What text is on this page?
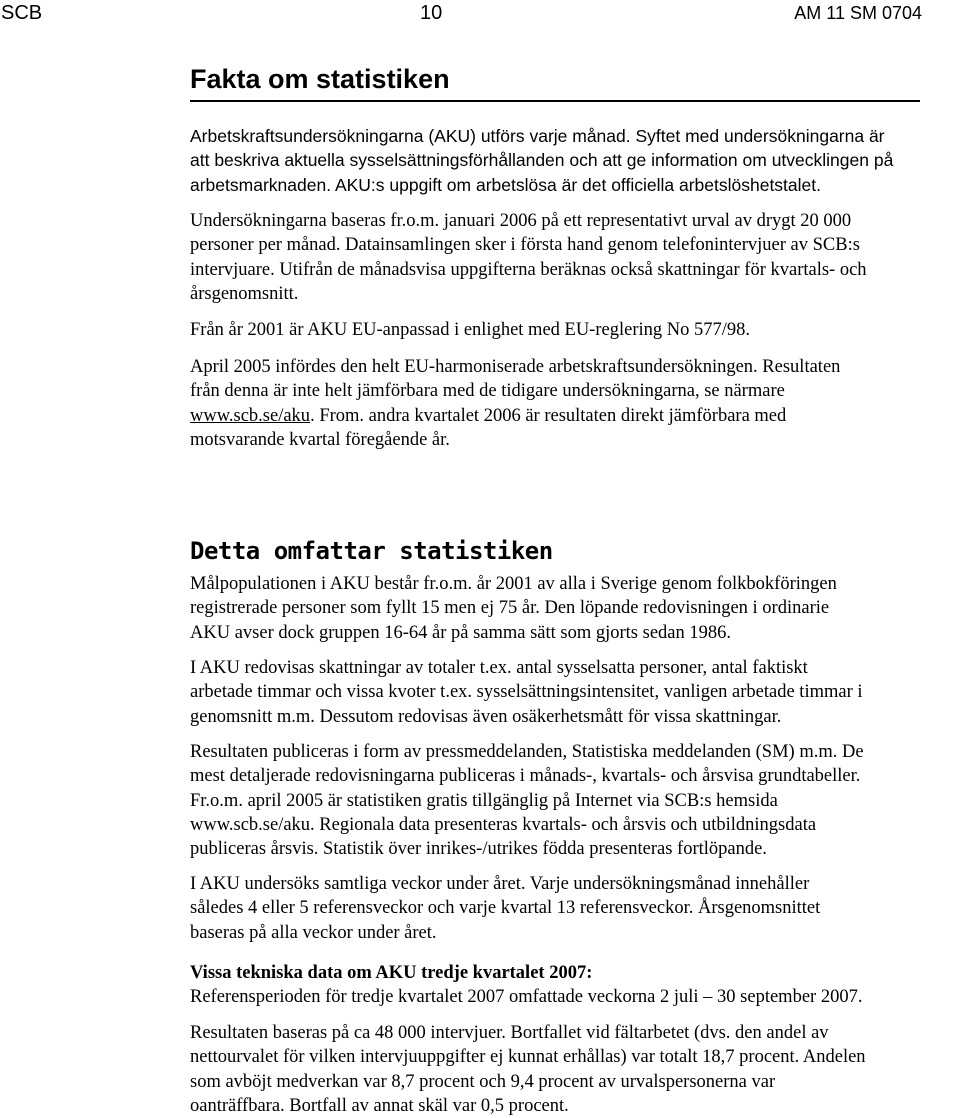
SCB	10	AM 11 SM 0704
Fakta om statistiken
Arbetskraftsundersökningarna (AKU) utförs varje månad. Syftet med undersökningarna är
att beskriva aktuella sysselsättningsförhållanden och att ge information om utvecklingen på
arbetsmarknaden. AKU:s uppgift om arbetslösa är det officiella arbetslöshetstalet.
Undersökningarna baseras fr.o.m. januari 2006 på ett representativt urval av drygt 20 000
personer per månad. Datainsamlingen sker i första hand genom telefonintervjuer av SCB:s
intervjuare. Utifrån de månadsvisa uppgifterna beräknas också skattningar för kvartals- och
årsgenomsnitt.
Från år 2001 är AKU EU-anpassad i enlighet med EU-reglering No 577/98.
April 2005 infördes den helt EU-harmoniserade arbetskraftsundersökningen. Resultaten
från denna är inte helt jämförbara med de tidigare undersökningarna, se närmare
www.scb.se/aku. From. andra kvartalet 2006 är resultaten direkt jämförbara med
motsvarande kvartal föregående år.
Detta omfattar statistiken
Målpopulationen i AKU består fr.o.m. år 2001 av alla i Sverige genom folkbokföringen
registrerade personer som fyllt 15 men ej 75 år. Den löpande redovisningen i ordinarie
AKU avser dock gruppen 16-64 år på samma sätt som gjorts sedan 1986.
I AKU redovisas skattningar av totaler t.ex. antal sysselsatta personer, antal faktiskt
arbetade timmar och vissa kvoter t.ex. sysselsättningsintensitet, vanligen arbetade timmar i
genomsnitt m.m. Dessutom redovisas även osäkerhetsmått för vissa skattningar.
Resultaten publiceras i form av pressmeddelanden, Statistiska meddelanden (SM) m.m. De
mest detaljerade redovisningarna publiceras i månads-, kvartals- och årsvisa grundtabeller.
Fr.o.m. april 2005 är statistiken gratis tillgänglig på Internet via SCB:s hemsida
www.scb.se/aku. Regionala data presenteras kvartals- och årsvis och utbildningsdata
publiceras årsvis. Statistik över inrikes-/utrikes födda presenteras fortlöpande.
I AKU undersöks samtliga veckor under året. Varje undersökningsmånad innehåller
således 4 eller 5 referensveckor och varje kvartal 13 referensveckor. Årsgenomsnittet
baseras på alla veckor under året.
Vissa tekniska data om AKU tredje kvartalet 2007:
Referensperioden för tredje kvartalet 2007 omfattade veckorna 2 juli – 30 september 2007.
Resultaten baseras på ca 48 000 intervjuer. Bortfallet vid fältarbetet (dvs. den andel av
nettourvalet för vilken intervjuuppgifter ej kunnat erhållas) var totalt 18,7 procent. Andelen
som avböjt medverkan var 8,7 procent och 9,4 procent av urvalspersonerna var
oanträffbara. Bortfall av annat skäl var 0,5 procent.
